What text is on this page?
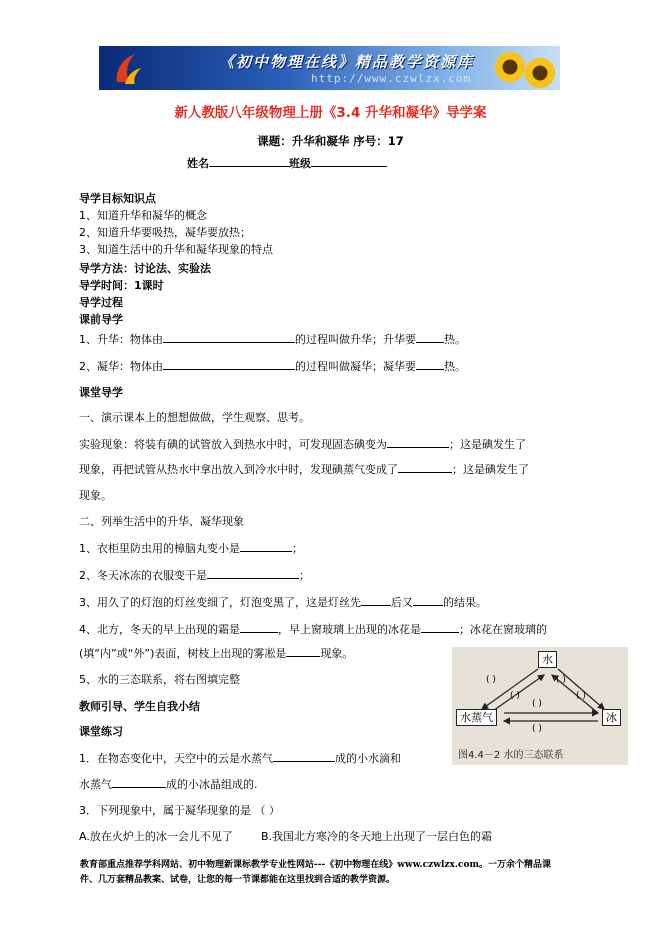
《初中物理在线》精品教学资源库
http://www.czwlzx.com
新人教版八年级物理上册《3.4 升华和凝华》导学案
课题：升华和凝华 序号：17
姓名	班级
导学目标知识点
1、知道升华和凝华的概念
2、知道升华要吸热，凝华要放热；
3、知道生活中的升华和凝华现象的特点
导学方法：讨论法、实验法
导学时间：1课时
导学过程
课前导学
1、升华：物体由	的过程叫做升华；升华要	热。
2、凝华：物体由	的过程叫做凝华；凝华要	热。
课堂导学
一、演示课本上的想想做做，学生观察、思考。
实验现象：将装有碘的试管放入到热水中时，可发现固态碘变为	；这是碘发生了
现象，再把试管从热水中拿出放入到冷水中时，发现碘蒸气变成了	；这是碘发生了
现象。
二、列举生活中的升华、凝华现象
1、衣柜里防虫用的樟脑丸变小是	；
2、冬天冰冻的衣服变干是	；
3、用久了的灯泡的灯丝变细了，灯泡变黑了，这是灯丝先	后又	的结果。
4、北方，冬天的早上出现的霜是	，早上窗玻璃上出现的冰花是	；冰花在窗玻璃的
(填“内”或“外”)表面，树枝上出现的雾凇是	现象。
5、水的三态联系，将右图填完整
教师引导、学生自我小结
课堂练习
1．在物态变化中，天空中的云是水蒸气	成的小水滴和
水蒸气	成的小冰晶组成的.
3．下列现象中，属于凝华现象的是 （ ）
A.放在火炉上的冰一会儿不见了	B.我国北方寒冷的冬天地上出现了一层白色的霜
水
水蒸气	冰
( )
( )
( )
( )
( )
( )
图4.4－2 水的三态联系
教育部重点推荐学科网站、初中物理新课标教学专业性网站---《初中物理在线》www.czwlzx.com。一万余个精品课
件、几万套精品教案、试卷，让您的每一节课都能在这里找到合适的教学资源。
